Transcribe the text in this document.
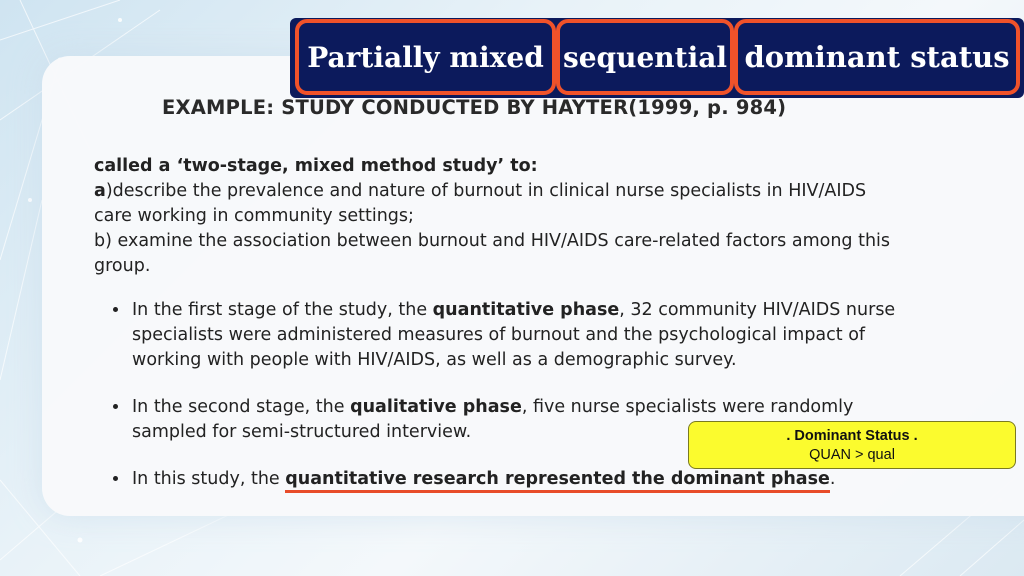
Partially mixed sequential dominant status
EXAMPLE: STUDY CONDUCTED BY HAYTER(1999, p. 984)
called a ‘two-stage, mixed method study’ to:
a)describe the prevalence and nature of burnout in clinical nurse specialists in HIV/AIDS care working in community settings;
b) examine the association between burnout and HIV/AIDS care-related factors among this group.
• In the first stage of the study, the quantitative phase, 32 community HIV/AIDS nurse specialists were administered measures of burnout and the psychological impact of working with people with HIV/AIDS, as well as a demographic survey.
• In the second stage, the qualitative phase, five nurse specialists were randomly sampled for semi-structured interview.
• In this study, the quantitative research represented the dominant phase.
. Dominant Status .
QUAN > qual
